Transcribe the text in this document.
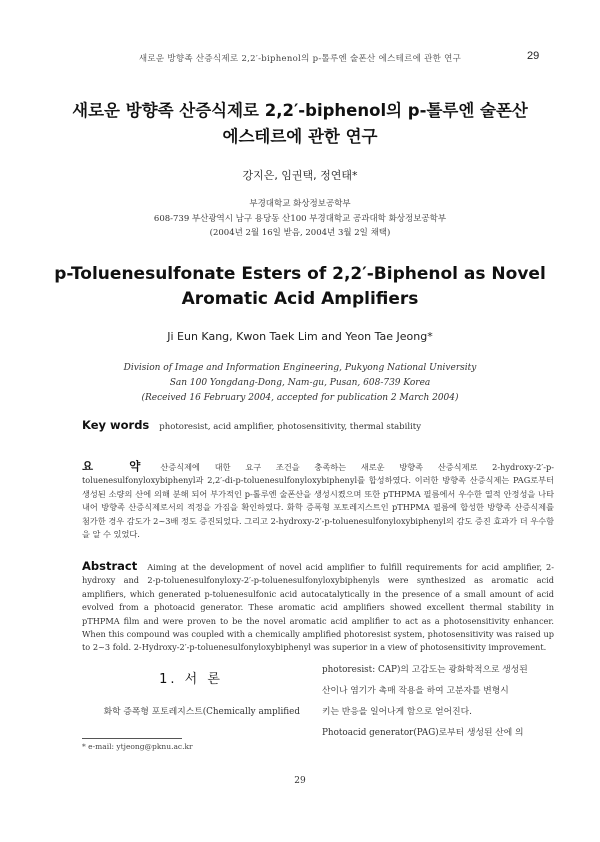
새로운 방향족 산증식제로 2,2′-biphenol의 p-톨루엔 술폰산 에스테르에 관한 연구	29
새로운 방향족 산증식제로 2,2′-biphenol의 p-톨루엔 술폰산
에스테르에 관한 연구
강지은, 임권택, 정연태*
부경대학교 화상정보공학부
608-739 부산광역시 남구 용당동 산100 부경대학교 공과대학 화상정보공학부
(2004년 2월 16일 받음, 2004년 3월 2일 채택)
p-Toluenesulfonate Esters of 2,2′-Biphenol as Novel
Aromatic Acid Amplifiers
Ji Eun Kang, Kwon Taek Lim and Yeon Tae Jeong*
Division of Image and Information Engineering, Pukyong National University
San 100 Yongdang-Dong, Nam-gu, Pusan, 608-739 Korea
(Received 16 February 2004, accepted for publication 2 March 2004)
Key words photoresist, acid amplifier, photosensitivity, thermal stability
요 약 산증식제에 대한 요구 조건을 충족하는 새로운 방향족 산증식제로 2-hydroxy-2′-p- toluenesulfonyloxybiphenyl과 2,2′-di-p-toluenesulfonyloxybiphenyl를 합성하였다. 이러한 방향족 산증식제는 PAG로부터 생성된 소량의 산에 의해 분해 되어 부가적인 p-톨루엔 술폰산을 생성시켰으며 또한 pTHPMA 필름에서 우수한 열적 안정성을 나타내어 방향족 산증식제로서의 적정을 가짐을 확인하였다. 화학 증폭형 포토레지스트인 pTHPMA 필름에 합성한 방향족 산증식제를 첨가한 경우 감도가 2~3배 정도 증진되었다. 그리고 2-hydroxy-2′-p-toluenesulfonyloxybiphenyl의 감도 증진 효과가 더 우수함을 알 수 있었다.
Abstract Aiming at the development of novel acid amplifier to fulfill requirements for acid amplifier, 2-hydroxy and 2-p-toluenesulfonyloxy-2′-p-toluenesulfonyloxybiphenyls were synthesized as aromatic acid amplifiers, which generated p-toluenesulfonic acid autocatalytically in the presence of a small amount of acid evolved from a photoacid generator. These aromatic acid amplifiers showed excellent thermal stability in pTHPMA film and were proven to be the novel aromatic acid amplifier to act as a photosensitivity enhancer. When this compound was coupled with a chemically amplified photoresist system, photosensitivity was raised up to 2~3 fold. 2-Hydroxy-2′-p-toluenesulfonyloxybiphenyl was superior in a view of photosensitivity improvement.
1. 서 론
화학 증폭형 포토레지스트(Chemically amplified
photoresist: CAP)의 고감도는 광화학적으로 생성된
산이나 염기가 촉매 작용을 하여 고분자를 변형시
키는 반응을 일어나게 함으로 얻어진다.
Photoacid generator(PAG)로부터 생성된 산에 의
* e-mail: ytjeong@pknu.ac.kr
29
